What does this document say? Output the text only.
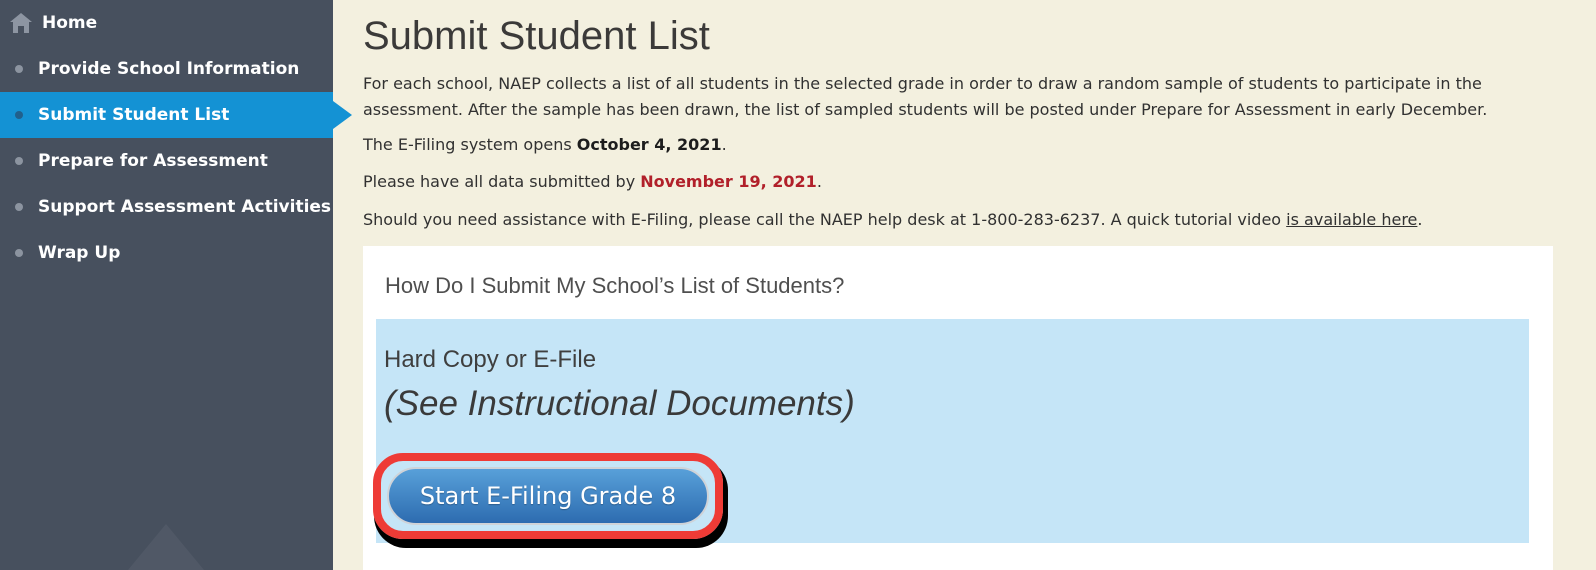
Home
Provide School Information
Submit Student List
Prepare for Assessment
Support Assessment Activities
Wrap Up
Submit Student List

For each school, NAEP collects a list of all students in the selected grade in order to draw a random sample of students to participate in the assessment. After the sample has been drawn, the list of sampled students will be posted under Prepare for Assessment in early December.

The E-Filing system opens October 4, 2021.

Please have all data submitted by November 19, 2021.

Should you need assistance with E-Filing, please call the NAEP help desk at 1-800-283-6237. A quick tutorial video is available here.

How Do I Submit My School’s List of Students?
Hard Copy or E-File
(See Instructional Documents)
Start E-Filing Grade 8
